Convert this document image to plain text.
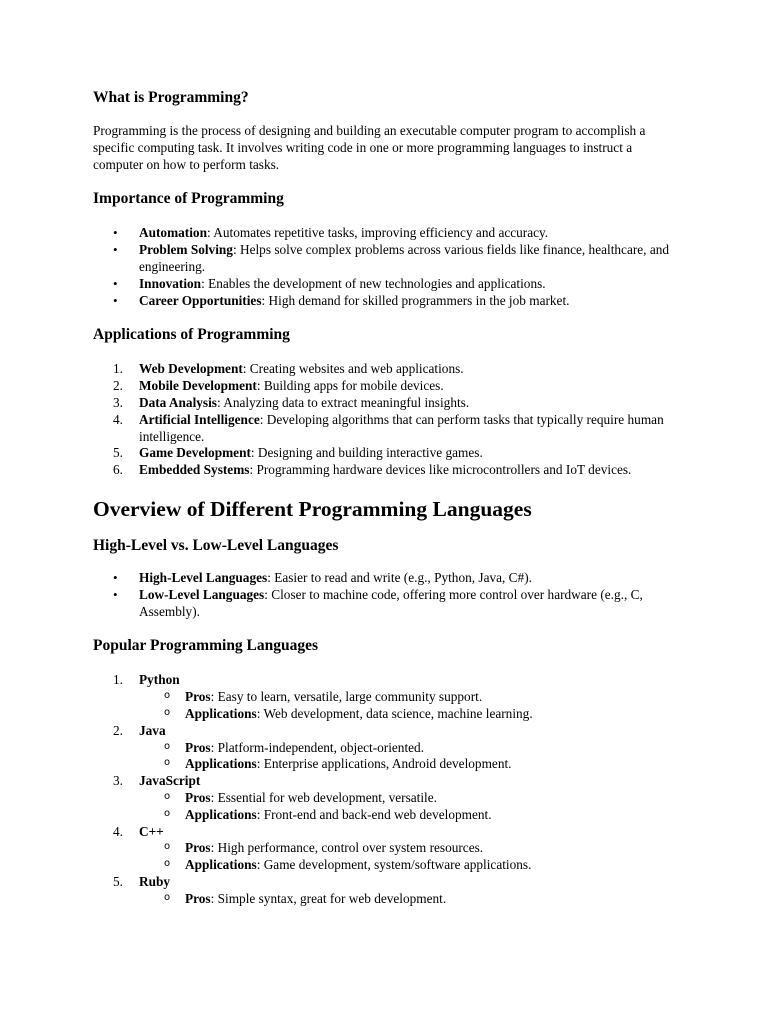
What is Programming?

Programming is the process of designing and building an executable computer program to accomplish a specific computing task. It involves writing code in one or more programming languages to instruct a computer on how to perform tasks.

Importance of Programming
• Automation: Automates repetitive tasks, improving efficiency and accuracy.
• Problem Solving: Helps solve complex problems across various fields like finance, healthcare, and engineering.
• Innovation: Enables the development of new technologies and applications.
• Career Opportunities: High demand for skilled programmers in the job market.
Applications of Programming
1. Web Development: Creating websites and web applications.
2. Mobile Development: Building apps for mobile devices.
3. Data Analysis: Analyzing data to extract meaningful insights.
4. Artificial Intelligence: Developing algorithms that can perform tasks that typically require human intelligence.
5. Game Development: Designing and building interactive games.
6. Embedded Systems: Programming hardware devices like microcontrollers and IoT devices.
Overview of Different Programming Languages
High-Level vs. Low-Level Languages
• High-Level Languages: Easier to read and write (e.g., Python, Java, C#).
• Low-Level Languages: Closer to machine code, offering more control over hardware (e.g., C, Assembly).
Popular Programming Languages
1. Python
o Pros: Easy to learn, versatile, large community support.
o Applications: Web development, data science, machine learning.
2. Java
o Pros: Platform-independent, object-oriented.
o Applications: Enterprise applications, Android development.
3. JavaScript
o Pros: Essential for web development, versatile.
o Applications: Front-end and back-end web development.
4. C++
o Pros: High performance, control over system resources.
o Applications: Game development, system/software applications.
5. Ruby
o Pros: Simple syntax, great for web development.
